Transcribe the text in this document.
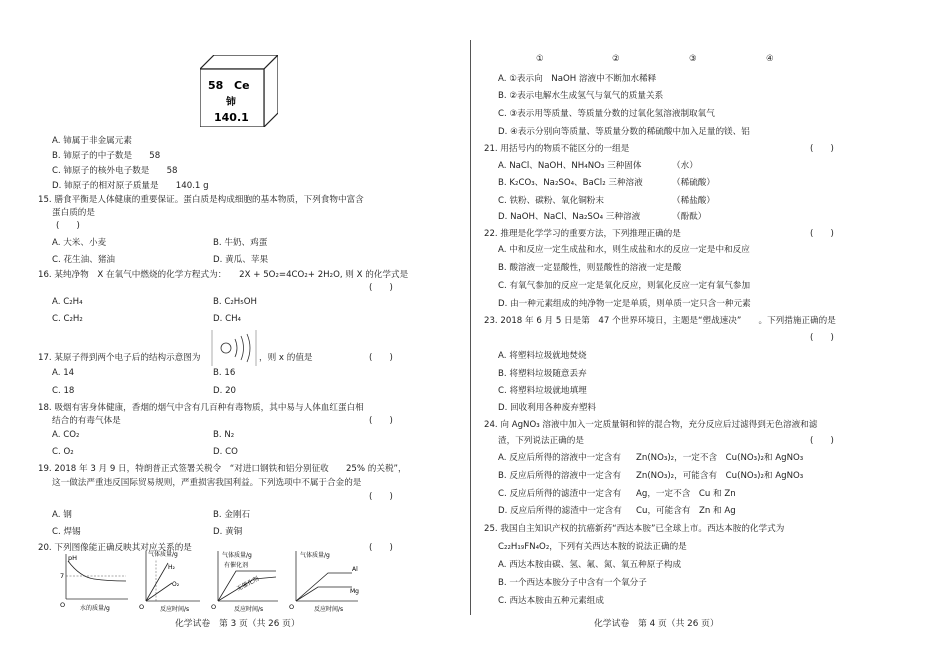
58 Ce
铈
140.1
A. 铈属于非金属元素
B. 铈原子的中子数是　　58
C. 铈原子的核外电子数是　　58
D. 铈原子的相对原子质量是　　140.1 g
15. 膳食平衡是人体健康的重要保证。蛋白质是构成细胞的基本物质，下列食物中富含
蛋白质的是
(　　)
A. 大米、小麦	B. 牛奶、鸡蛋
C. 花生油、猪油	D. 黄瓜、苹果
16. 某纯净物　X 在氧气中燃烧的化学方程式为：　　2X + 5O₂=4CO₂+ 2H₂O, 则 X 的化学式是
(　　)
A. C₂H₄	B. C₂H₅OH
C. C₂H₂	D. CH₄
17. 某原子得到两个电子后的结构示意图为	，则 x 的值是	(　　)
A. 14	B. 16
C. 18	D. 20
18. 吸烟有害身体健康，香烟的烟气中含有几百种有毒物质，其中易与人体血红蛋白相
结合的有毒气体是	(　　)
A. CO₂	B. N₂
C. O₂	D. CO
19. 2018 年 3 月 9 日，特朗普正式签署关税令　“对进口钢铁和铝分别征收　　25% 的关税”，
这一做法严重违反国际贸易规则，严重损害我国利益。下列选项中不属于合金的是
(　　)
A. 钢	B. 金刚石
C. 焊锡	D. 黄铜
20. 下列图像能正确反映其对应关系的是	(　　)
pH
7
O 水的质量/g
气体质量/g
H₂
O₂
O	反应时间/s
气体质量/g
有催化剂
无催化剂
O	反应时间/s
气体质量/g
Al
Mg
O	反应时间/s
化学试卷　第 3 页（共 26 页）
①	②	③	④
A. ①表示向　NaOH 溶液中不断加水稀释
B. ②表示电解水生成氢气与氧气的质量关系
C. ③表示用等质量、等质量分数的过氧化氢溶液制取氧气
D. ④表示分别向等质量、等质量分数的稀硫酸中加入足量的镁、铝
21. 用括号内的物质不能区分的一组是	(　　)
A. NaCl、NaOH、NH₄NO₃ 三种固体	（水）
B. K₂CO₃、Na₂SO₄、BaCl₂ 三种溶液	（稀硫酸）
C. 铁粉、碳粉、氧化铜粉末	（稀盐酸）
D. NaOH、NaCl、Na₂SO₄ 三种溶液	（酚酞）
22. 推理是化学学习的重要方法，下列推理正确的是	(　　)
A. 中和反应一定生成盐和水，则生成盐和水的反应一定是中和反应
B. 酸溶液一定显酸性，则显酸性的溶液一定是酸
C. 有氧气参加的反应一定是氧化反应，则氧化反应一定有氧气参加
D. 由一种元素组成的纯净物一定是单质，则单质一定只含一种元素
23. 2018 年 6 月 5 日是第　47 个世界环境日，主题是“塑战速决”　　。下列措施正确的是
(　　)
A. 将塑料垃圾就地焚烧
B. 将塑料垃圾随意丢弃
C. 将塑料垃圾就地填埋
D. 回收利用各种废弃塑料
24. 向 AgNO₃ 溶液中加入一定质量铜和锌的混合物，充分反应后过滤得到无色溶液和滤
渣，下列说法正确的是	(　　)
A. 反应后所得的溶液中一定含有 Zn(NO₃)₂，一定不含　Cu(NO₃)₂和 AgNO₃
B. 反应后所得的溶液中一定含有 Zn(NO₃)₂，可能含有　Cu(NO₃)₂和 AgNO₃
C. 反应后所得的滤渣中一定含有 Ag，一定不含　Cu 和 Zn
D. 反应后所得的滤渣中一定含有 Cu，可能含有　Zn 和 Ag
25. 我国自主知识产权的抗癌新药“西达本胺”已全球上市。西达本胺的化学式为
C₂₂H₁₉FN₄O₂，下列有关西达本胺的说法正确的是
A. 西达本胺由碳、氢、氟、氮、氧五种原子构成
B. 一个西达本胺分子中含有一个氧分子
C. 西达本胺由五种元素组成
化学试卷　第 4 页（共 26 页）
